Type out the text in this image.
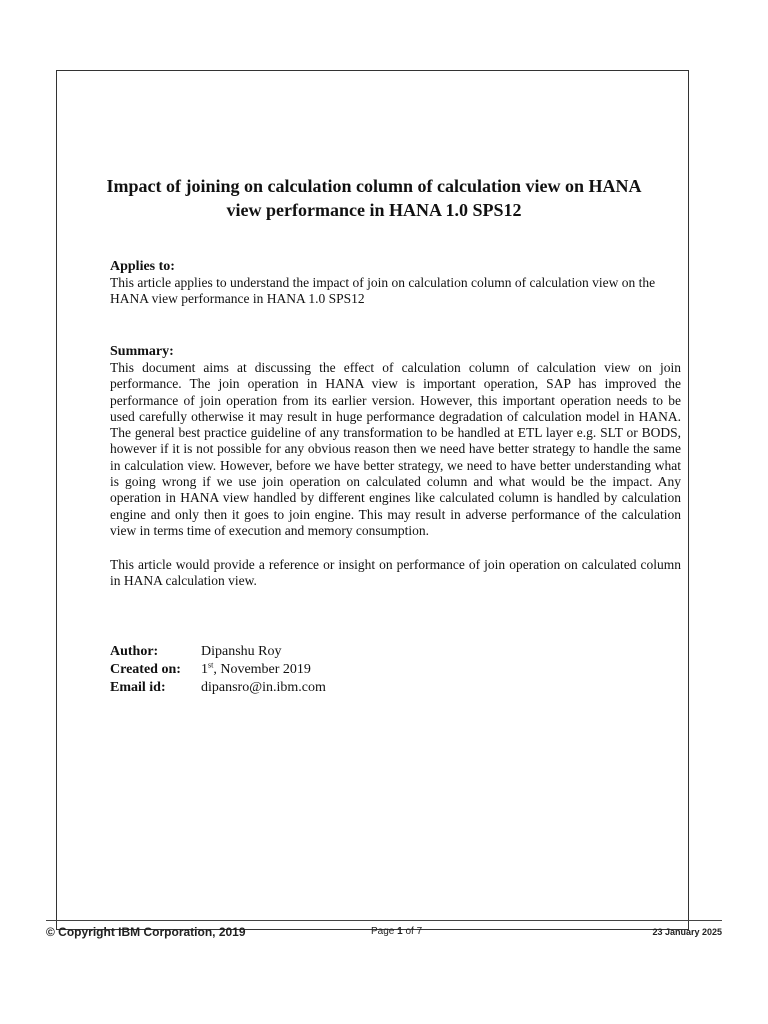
Impact of joining on calculation column of calculation view on HANA
view performance in HANA 1.0 SPS12
Applies to:
This article applies to understand the impact of join on calculation column of calculation view on the HANA view performance in HANA 1.0 SPS12
Summary:
This document aims at discussing the effect of calculation column of calculation view on join performance. The join operation in HANA view is important operation, SAP has improved the performance of join operation from its earlier version. However, this important operation needs to be used carefully otherwise it may result in huge performance degradation of calculation model in HANA. The general best practice guideline of any transformation to be handled at ETL layer e.g. SLT or BODS, however if it is not possible for any obvious reason then we need have better strategy to handle the same in calculation view. However, before we have better strategy, we need to have better understanding what is going wrong if we use join operation on calculated column and what would be the impact. Any operation in HANA view handled by different engines like calculated column is handled by calculation engine and only then it goes to join engine. This may result in adverse performance of the calculation view in terms time of execution and memory consumption.
This article would provide a reference or insight on performance of join operation on calculated column in HANA calculation view.
Author:	Dipanshu Roy
Created on:	1st, November 2019
Email id:	dipansro@in.ibm.com
© Copyright IBM Corporation, 2019	Page 1 of 7	23 January 2025
